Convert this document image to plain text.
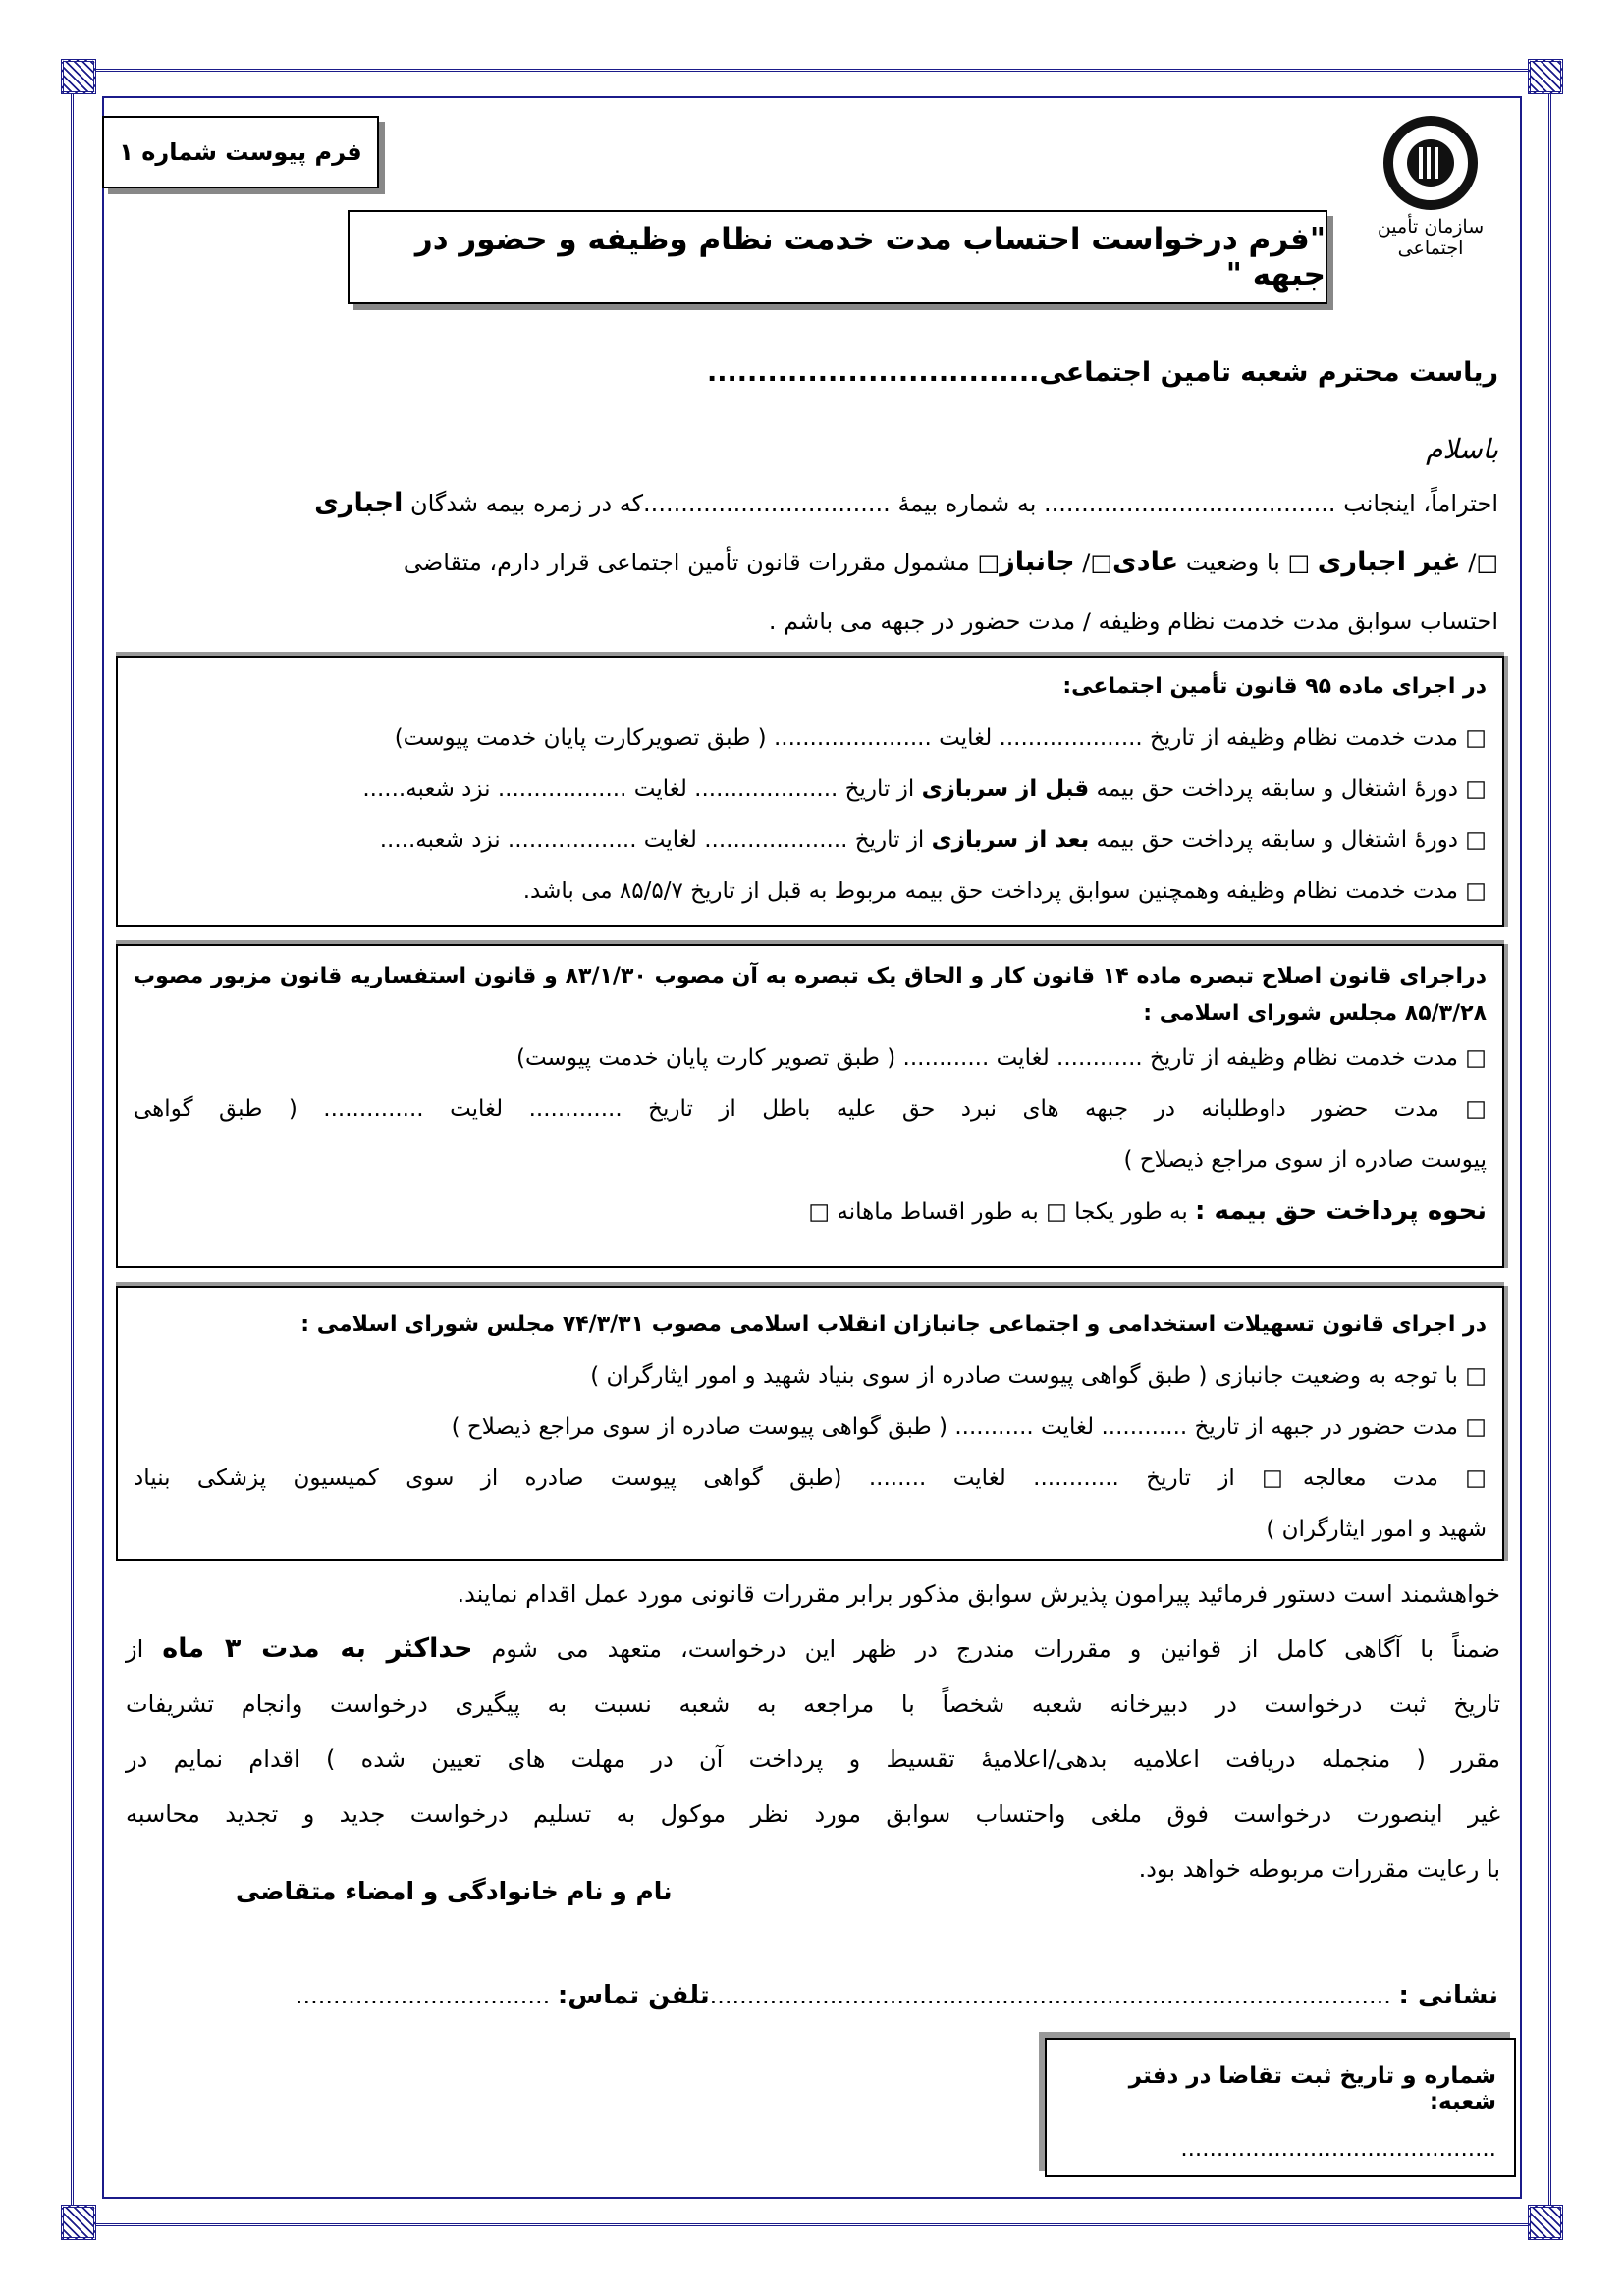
سازمان تأمین اجتماعی
فرم پیوست شماره ۱
"فرم درخواست احتساب مدت خدمت نظام وظیفه و حضور در جبهه "
ریاست محترم شعبه تامین اجتماعی.................................
باسلام
احتراماً، اینجانب ....................................... به شماره بیمهٔ .................................كه در زمره بیمه شدگان اجباری
□/ غیر اجباری □ با وضعیت عادی□/ جانباز□ مشمول مقررات قانون تأمین اجتماعی قرار دارم، متقاضی
احتساب سوابق مدت خدمت نظام وظیفه / مدت حضور در جبهه می باشم .
در اجرای ماده ۹۵ قانون تأمین اجتماعی:
□ مدت خدمت نظام وظیفه از تاریخ .................... لغایت ...................... ( طبق تصویرکارت پایان خدمت پیوست)
□ دورهٔ اشتغال و سابقه پرداخت حق بیمه قبل از سربازی از تاریخ .................... لغایت .................. نزد شعبه......
□ دورهٔ اشتغال و سابقه پرداخت حق بیمه بعد از سربازی از تاریخ .................... لغایت .................. نزد شعبه.....
□ مدت خدمت نظام وظیفه وهمچنین سوابق پرداخت حق بیمه مربوط به قبل از تاریخ ۸۵/۵/۷ می باشد.
دراجرای قانون اصلاح تبصره ماده ۱۴ قانون کار و الحاق یک تبصره به آن مصوب ۸۳/۱/۳۰ و قانون استفساریه قانون مزبور مصوب
۸۵/۳/۲۸ مجلس شورای اسلامی :
□ مدت خدمت نظام وظیفه از تاریخ ............ لغایت ............ ( طبق تصویر کارت پایان خدمت پیوست)
□ مدت حضور داوطلبانه در جبهه های نبرد حق علیه باطل از تاریخ ............. لغایت .............. ( طبق گواهی
پیوست صادره از سوی مراجع ذیصلاح )
نحوه پرداخت حق بیمه : به طور یکجا □ به طور اقساط ماهانه □
در اجرای قانون تسهیلات استخدامی و اجتماعی جانبازان انقلاب اسلامی مصوب ۷۴/۳/۳۱ مجلس شورای اسلامی :
□ با توجه به وضعیت جانبازی ( طبق گواهی پیوست صادره از سوی بنیاد شهید و امور ایثارگران )
□ مدت حضور در جبهه از تاریخ ............ لغایت ........... ( طبق گواهی پیوست صادره از سوی مراجع ذیصلاح )
□ مدت معالجه□ از تاریخ ............ لغایت ........ (طبق گواهی پیوست صادره از سوی کمیسیون پزشکی بنیاد
شهید و امور ایثارگران )
خواهشمند است دستور فرمائید پیرامون پذیرش سوابق مذکور برابر مقررات قانونی مورد عمل اقدام نمایند.
ضمناً با آگاهی کامل از قوانین و مقررات مندرج در ظهر این درخواست، متعهد می شوم حداکثر به مدت ۳ ماه از
تاریخ ثبت درخواست در دبیرخانه شعبه شخصاً با مراجعه به شعبه نسبت به پیگیری درخواست وانجام تشریفات
مقرر ( منجمله دریافت اعلامیه بدهی/اعلامیهٔ تقسیط و پرداخت آن در مهلت های تعیین شده ) اقدام نمایم در
غیر اینصورت درخواست فوق ملغی واحتساب سوابق مورد نظر موکول به تسلیم درخواست جدید و تجدید محاسبه
با رعایت مقررات مربوطه خواهد بود.
نام و نام خانوادگی و امضاء متقاضی
نشانی : ...........................................................................................تلفن تماس: ..................................
شماره و تاریخ ثبت تقاضا در دفتر شعبه:
............................................
